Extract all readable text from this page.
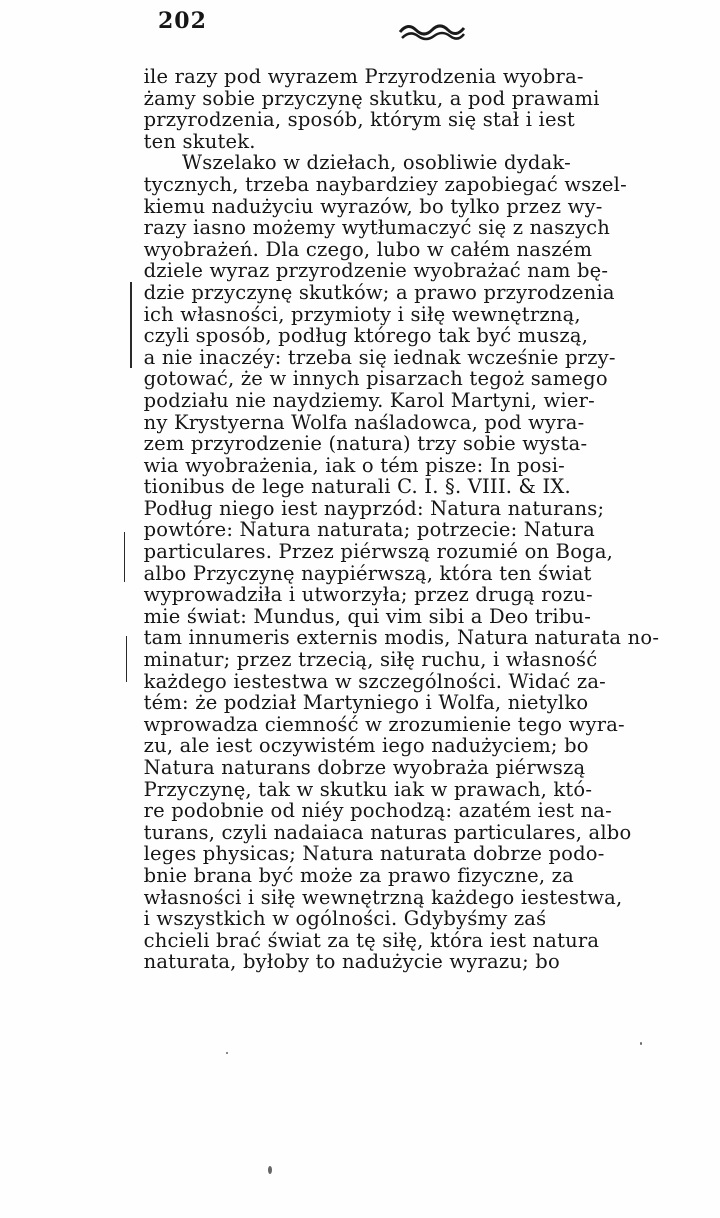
202
ile razy pod wyrazem Przyrodzenia wyobra-
żamy sobie przyczynę skutku, a pod prawami
przyrodzenia, sposób, którym się stał i iest
ten skutek.
Wszelako w dziełach, osobliwie dydak-
tycznych, trzeba naybardziey zapobiegać wszel-
kiemu nadużyciu wyrazów, bo tylko przez wy-
razy iasno możemy wytłumaczyć się z naszych
wyobrażeń. Dla czego, lubo w całém naszém
dziele wyraz przyrodzenie wyobrażać nam bę-
dzie przyczynę skutków; a prawo przyrodzenia
ich własności, przymioty i siłę wewnętrzną,
czyli sposób, podług którego tak być muszą,
a nie inaczéy: trzeba się iednak wcześnie przy-
gotować, że w innych pisarzach tegoż samego
podziału nie naydziemy. Karol Martyni, wier-
ny Krystyerna Wolfa naśladowca, pod wyra-
zem przyrodzenie (natura) trzy sobie wysta-
wia wyobrażenia, iak o tém pisze: In posi-
tionibus de lege naturali C. I. §. VIII. & IX.
Podług niego iest nayprzód: Natura naturans;
powtóre: Natura naturata; potrzecie: Natura
particulares. Przez piérwszą rozumié on Boga,
albo Przyczynę naypiérwszą, która ten świat
wyprowadziła i utworzyła; przez drugą rozu-
mie świat: Mundus, qui vim sibi a Deo tribu-
tam innumeris externis modis, Natura naturata no-
minatur; przez trzecią, siłę ruchu, i własność
każdego iestestwa w szczególności. Widać za-
tém: że podział Martyniego i Wolfa, nietylko
wprowadza ciemność w zrozumienie tego wyra-
zu, ale iest oczywistém iego nadużyciem; bo
Natura naturans dobrze wyobraża piérwszą
Przyczynę, tak w skutku iak w prawach, któ-
re podobnie od niéy pochodzą: azatém iest na-
turans, czyli nadaiaca naturas particulares, albo
leges physicas; Natura naturata dobrze podo-
bnie brana być może za prawo fizyczne, za
własności i siłę wewnętrzną każdego iestestwa,
i wszystkich w ogólności. Gdybyśmy zaś
chcieli brać świat za tę siłę, która iest natura
naturata, byłoby to nadużycie wyrazu; bo
